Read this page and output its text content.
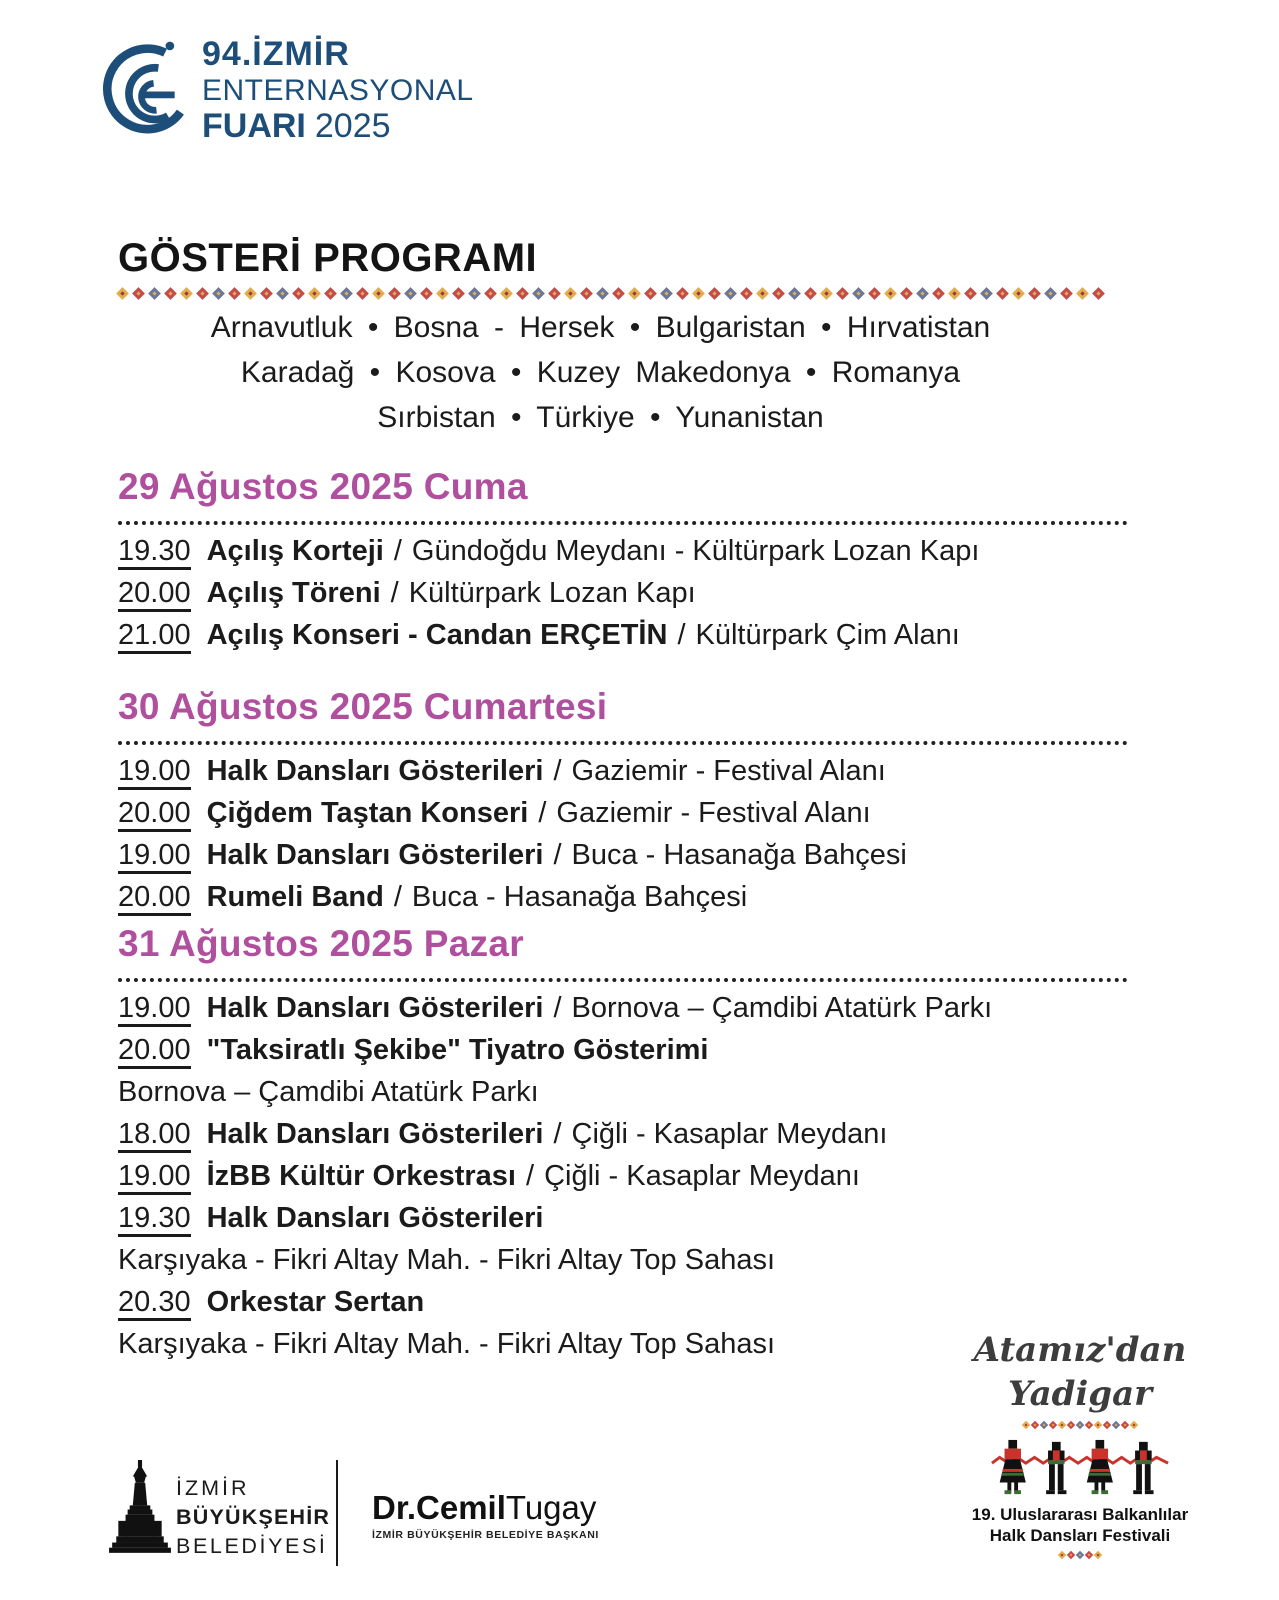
94.İZMİR
ENTERNASYONAL
FUARI 2025
GÖSTERİ PROGRAMI
Arnavutluk • Bosna - Hersek • Bulgaristan • Hırvatistan
Karadağ • Kosova • Kuzey Makedonya • Romanya
Sırbistan • Türkiye • Yunanistan
29 Ağustos 2025 Cuma
19.30 Açılış Korteji / Gündoğdu Meydanı - Kültürpark Lozan Kapı
20.00 Açılış Töreni / Kültürpark Lozan Kapı
21.00 Açılış Konseri - Candan ERÇETİN / Kültürpark Çim Alanı
30 Ağustos 2025 Cumartesi
19.00 Halk Dansları Gösterileri / Gaziemir - Festival Alanı
20.00 Çiğdem Taştan Konseri / Gaziemir - Festival Alanı
19.00 Halk Dansları Gösterileri / Buca - Hasanağa Bahçesi
20.00 Rumeli Band / Buca - Hasanağa Bahçesi
31 Ağustos 2025 Pazar
19.00 Halk Dansları Gösterileri / Bornova – Çamdibi Atatürk Parkı
20.00 "Taksiratlı Şekibe" Tiyatro Gösterimi
Bornova – Çamdibi Atatürk Parkı
18.00 Halk Dansları Gösterileri / Çiğli - Kasaplar Meydanı
19.00 İzBB Kültür Orkestrası / Çiğli - Kasaplar Meydanı
19.30 Halk Dansları Gösterileri
Karşıyaka - Fikri Altay Mah. - Fikri Altay Top Sahası
20.30 Orkestar Sertan
Karşıyaka - Fikri Altay Mah. - Fikri Altay Top Sahası
İZMİR
BÜYÜKŞEHİR
BELEDİYESİ
Dr.CemilTugay
İZMİR BÜYÜKŞEHİR BELEDİYE BAŞKANI
Atamız'dan
Yadigar
19. Uluslararası Balkanlılar
Halk Dansları Festivali
